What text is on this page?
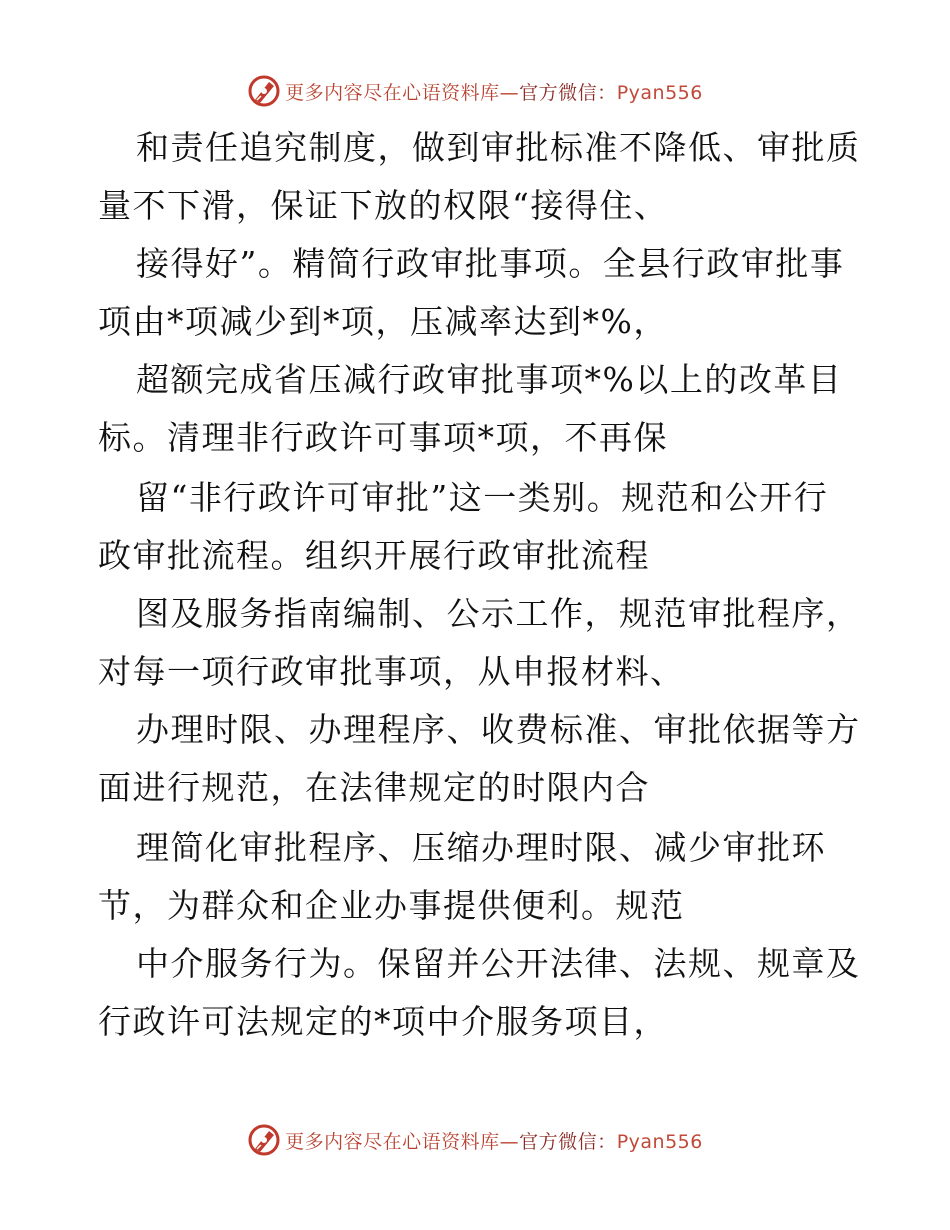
更多内容尽在心语资料库—官方微信：Pyan556
和责任追究制度，做到审批标准不降低、审批质
量不下滑，保证下放的权限“接得住、
接得好”。精简行政审批事项。全县行政审批事
项由*项减少到*项，压减率达到*%，
超额完成省压减行政审批事项*%以上的改革目
标。清理非行政许可事项*项，不再保
留“非行政许可审批”这一类别。规范和公开行
政审批流程。组织开展行政审批流程
图及服务指南编制、公示工作，规范审批程序，
对每一项行政审批事项，从申报材料、
办理时限、办理程序、收费标准、审批依据等方
面进行规范，在法律规定的时限内合
理简化审批程序、压缩办理时限、减少审批环
节，为群众和企业办事提供便利。规范
中介服务行为。保留并公开法律、法规、规章及
行政许可法规定的*项中介服务项目，
更多内容尽在心语资料库—官方微信：Pyan556
